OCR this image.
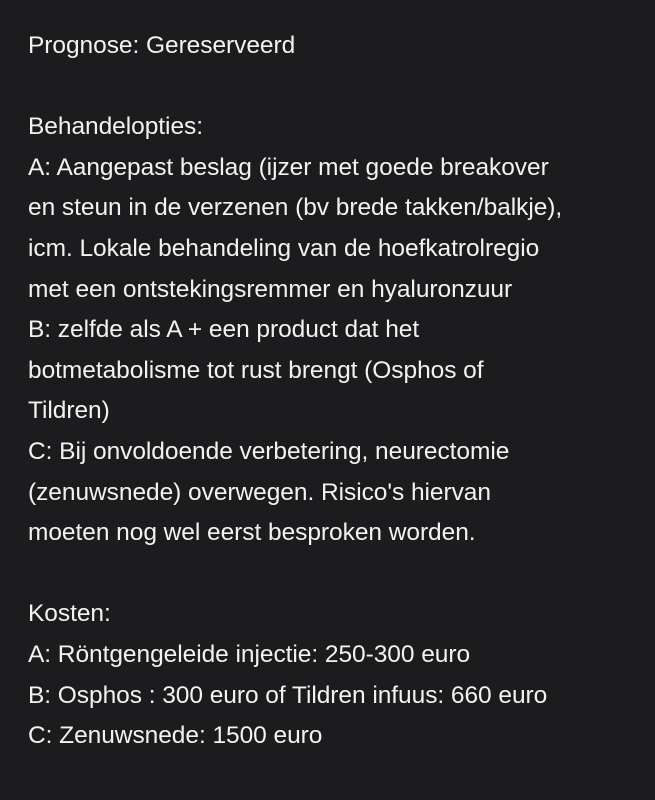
Prognose: Gereserveerd
Behandelopties:
A: Aangepast beslag (ijzer met goede breakover
en steun in de verzenen (bv brede takken/balkje),
icm. Lokale behandeling van de hoefkatrolregio
met een ontstekingsremmer en hyaluronzuur
B: zelfde als A + een product dat het
botmetabolisme tot rust brengt (Osphos of
Tildren)
C: Bij onvoldoende verbetering, neurectomie
(zenuwsnede) overwegen. Risico's hiervan
moeten nog wel eerst besproken worden.
Kosten:
A: Röntgengeleide injectie: 250-300 euro
B: Osphos : 300 euro of Tildren infuus: 660 euro
C: Zenuwsnede: 1500 euro
